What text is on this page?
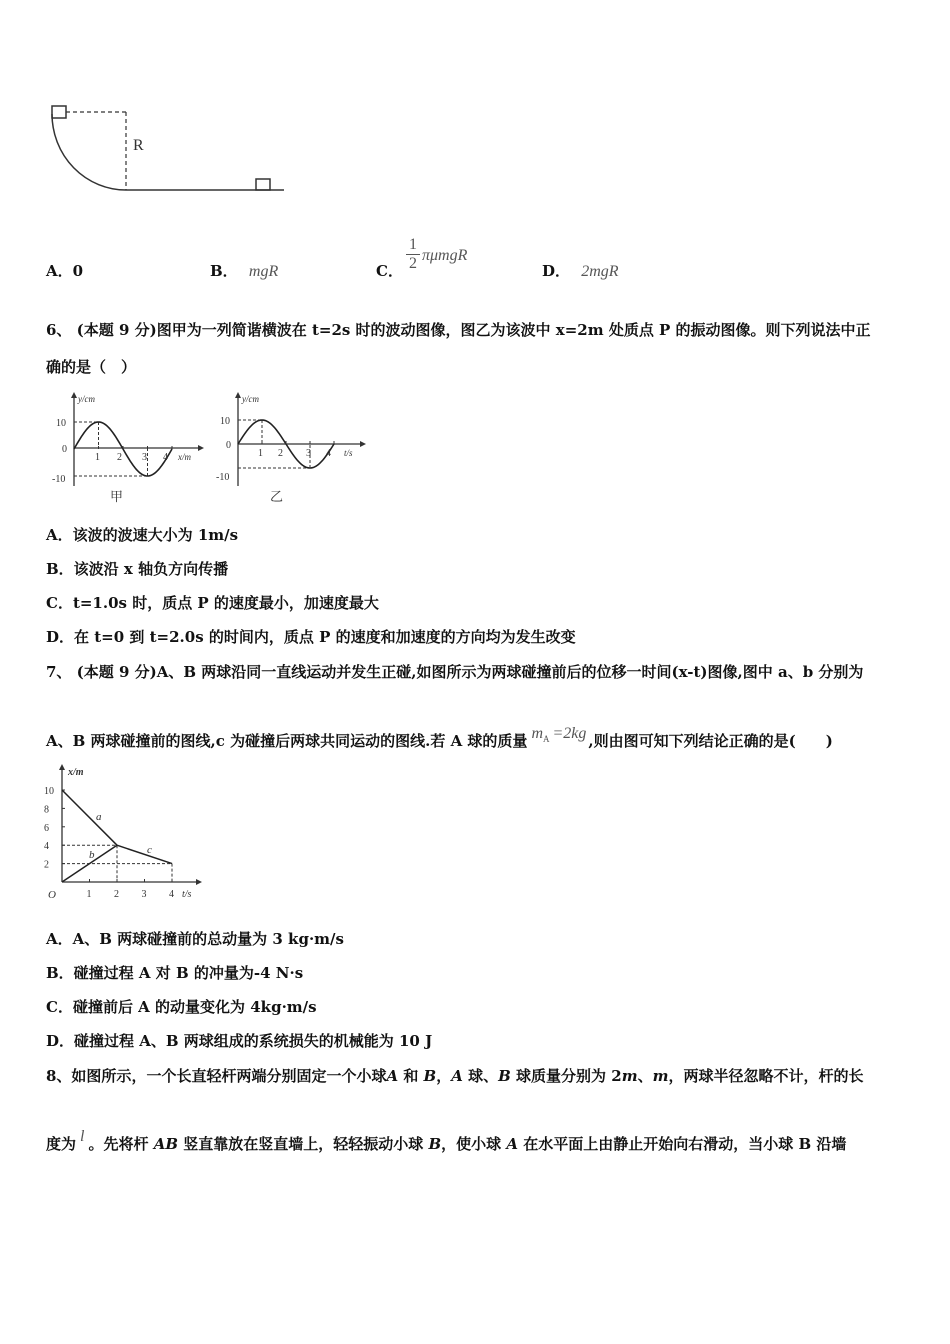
R
A．0	B． mgR	C．
1
2 πμmgR
D． 2mgR
6、 (本题 9 分)图甲为一列简谐横波在 t=2s 时的波动图像，图乙为该波中 x=2m 处质点 P 的振动图像。则下列说法中正
确的是（　）
y/cm
x/m
10
0
-10
1 2 3 4
甲
y/cm
t/s
10
0
-10
1 2 3 4
乙
A．该波的波速大小为 1m/s
B．该波沿 x 轴负方向传播
C．t=1.0s 时，质点 P 的速度最小，加速度最大
D．在 t=0 到 t=2.0s 的时间内，质点 P 的速度和加速度的方向均为发生改变
7、 (本题 9 分)A、B 两球沿同一直线运动并发生正碰,如图所示为两球碰撞前后的位移一时间(x-t)图像,图中 a、b 分别为
A、B 两球碰撞前的图线,c 为碰撞后两球共同运动的图线.若 A 球的质量 $m_A =2kg$ ,则由图可知下列结论正确的是(　　)
x/m
t/s
O
2
4
6
8
10
1 2 3 4
a
b	c
A．A、B 两球碰撞前的总动量为 3 kg·m/s
B．碰撞过程 A 对 B 的冲量为-4 N·s
C．碰撞前后 A 的动量变化为 4kg·m/s
D．碰撞过程 A、B 两球组成的系统损失的机械能为 10 J
8、如图所示，一个长直轻杆两端分别固定一个小球A 和 B，A 球、B 球质量分别为 2m、m，两球半径忽略不计，杆的长
度为 l 。先将杆 AB 竖直靠放在竖直墙上，轻轻振动小球 B，使小球 A 在水平面上由静止开始向右滑动，当小球 B 沿墙
